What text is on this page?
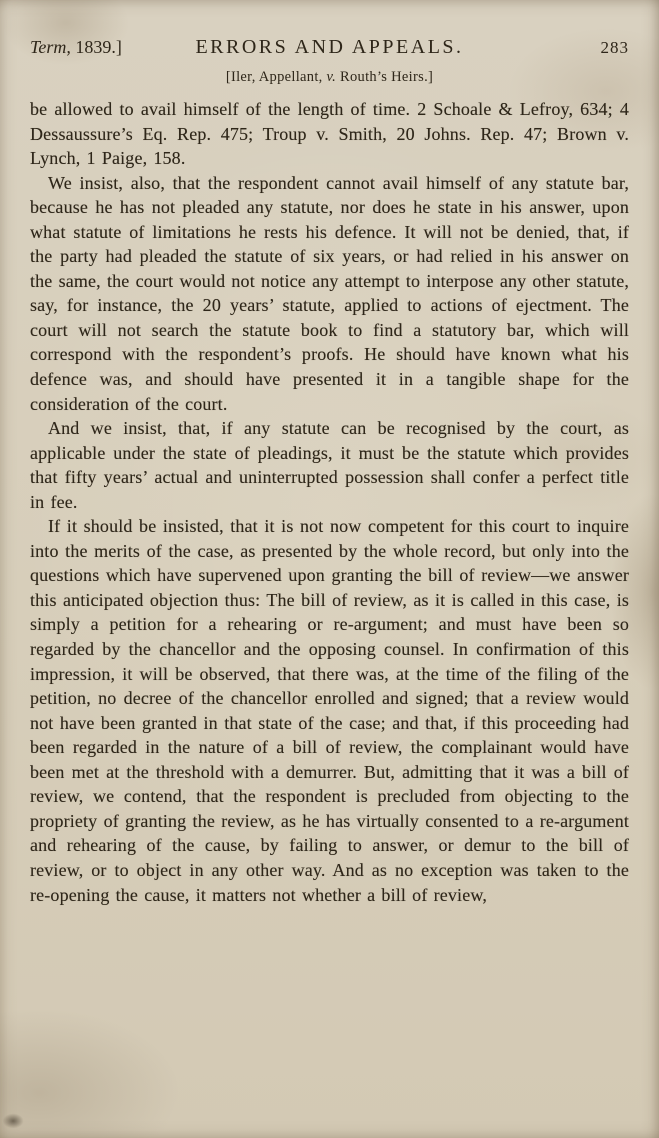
Term, 1839.]	ERRORS AND APPEALS.	283
[Iler, Appellant, v. Routh’s Heirs.]

be allowed to avail himself of the length of time. 2 Schoale & Lefroy, 634; 4 Dessaussure’s Eq. Rep. 475; Troup v. Smith, 20 Johns. Rep. 47; Brown v. Lynch, 1 Paige, 158.

We insist, also, that the respondent cannot avail himself of any statute bar, because he has not pleaded any statute, nor does he state in his answer, upon what statute of limitations he rests his defence. It will not be denied, that, if the party had pleaded the statute of six years, or had relied in his answer on the same, the court would not notice any attempt to interpose any other statute, say, for instance, the 20 years’ statute, applied to actions of ejectment. The court will not search the statute book to find a statutory bar, which will correspond with the respondent’s proofs. He should have known what his defence was, and should have presented it in a tangible shape for the consideration of the court.

And we insist, that, if any statute can be recognised by the court, as applicable under the state of pleadings, it must be the statute which provides that fifty years’ actual and uninterrupted possession shall confer a perfect title in fee.

If it should be insisted, that it is not now competent for this court to inquire into the merits of the case, as presented by the whole record, but only into the questions which have supervened upon granting the bill of review—we answer this anticipated objection thus: The bill of review, as it is called in this case, is simply a petition for a rehearing or re-argument; and must have been so regarded by the chancellor and the opposing counsel. In confirmation of this impression, it will be observed, that there was, at the time of the filing of the petition, no decree of the chancellor enrolled and signed; that a review would not have been granted in that state of the case; and that, if this proceeding had been regarded in the nature of a bill of review, the complainant would have been met at the threshold with a demurrer. But, admitting that it was a bill of review, we contend, that the respondent is precluded from objecting to the propriety of granting the review, as he has virtually consented to a re-argument and rehearing of the cause, by failing to answer, or demur to the bill of review, or to object in any other way. And as no exception was taken to the re-opening the cause, it matters not whether a bill of review,
